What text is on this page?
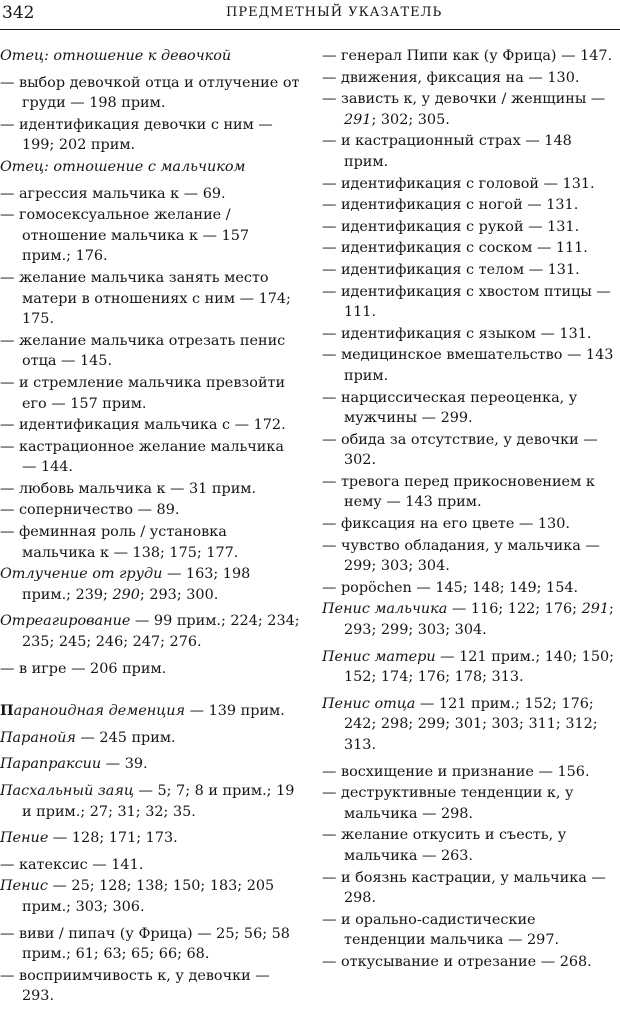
342	ПРЕДМЕТНЫЙ УКАЗАТЕЛЬ

Отец: отношение к девочкой

— выбор девочкой отца и отлучение от груди — 198 прим.

— идентификация девочки с ним — 199; 202 прим.

Отец: отношение с мальчиком

— агрессия мальчика к — 69.

— гомосексуальное желание / отношение мальчика к — 157 прим.; 176.

— желание мальчика занять место матери в отношениях с ним — 174; 175.

— желание мальчика отрезать пенис отца — 145.

— и стремление мальчика превзойти его — 157 прим.

— идентификация мальчика с — 172.

— кастрационное желание мальчика — 144.

— любовь мальчика к — 31 прим.

— соперничество — 89.

— феминная роль / установка мальчика к — 138; 175; 177.

Отлучение от груди — 163; 198 прим.; 239; 290; 293; 300.

Отреагирование — 99 прим.; 224; 234; 235; 245; 246; 247; 276.

— в игре — 206 прим.

Параноидная деменция — 139 прим.

Паранойя — 245 прим.

Парапраксии — 39.

Пасхальный заяц — 5; 7; 8 и прим.; 19 и прим.; 27; 31; 32; 35.

Пение — 128; 171; 173.

— катексис — 141.

Пенис — 25; 128; 138; 150; 183; 205 прим.; 303; 306.

— виви / пипач (у Фрица) — 25; 56; 58 прим.; 61; 63; 65; 66; 68.

— восприимчивость к, у девочки — 293.

— генерал Пипи как (у Фрица) — 147.

— движения, фиксация на — 130.

— зависть к, у девочки / женщины — 291; 302; 305.

— и кастрационный страх — 148 прим.

— идентификация с головой — 131.

— идентификация с ногой — 131.

— идентификация с рукой — 131.

— идентификация с соском — 111.

— идентификация с телом — 131.

— идентификация с хвостом птицы — 111.

— идентификация с языком — 131.

— медицинское вмешательство — 143 прим.

— нарциссическая переоценка, у мужчины — 299.

— обида за отсутствие, у девочки — 302.

— тревога перед прикосновением к нему — 143 прим.

— фиксация на его цвете — 130.

— чувство обладания, у мальчика — 299; 303; 304.

— popöchen — 145; 148; 149; 154.

Пенис мальчика — 116; 122; 176; 291; 293; 299; 303; 304.

Пенис матери — 121 прим.; 140; 150; 152; 174; 176; 178; 313.

Пенис отца — 121 прим.; 152; 176; 242; 298; 299; 301; 303; 311; 312; 313.

— восхищение и признание — 156.

— деструктивные тенденции к, у мальчика — 298.

— желание откусить и съесть, у мальчика — 263.

— и боязнь кастрации, у мальчика — 298.

— и орально-садистические тенденции мальчика — 297.

— откусывание и отрезание — 268.
